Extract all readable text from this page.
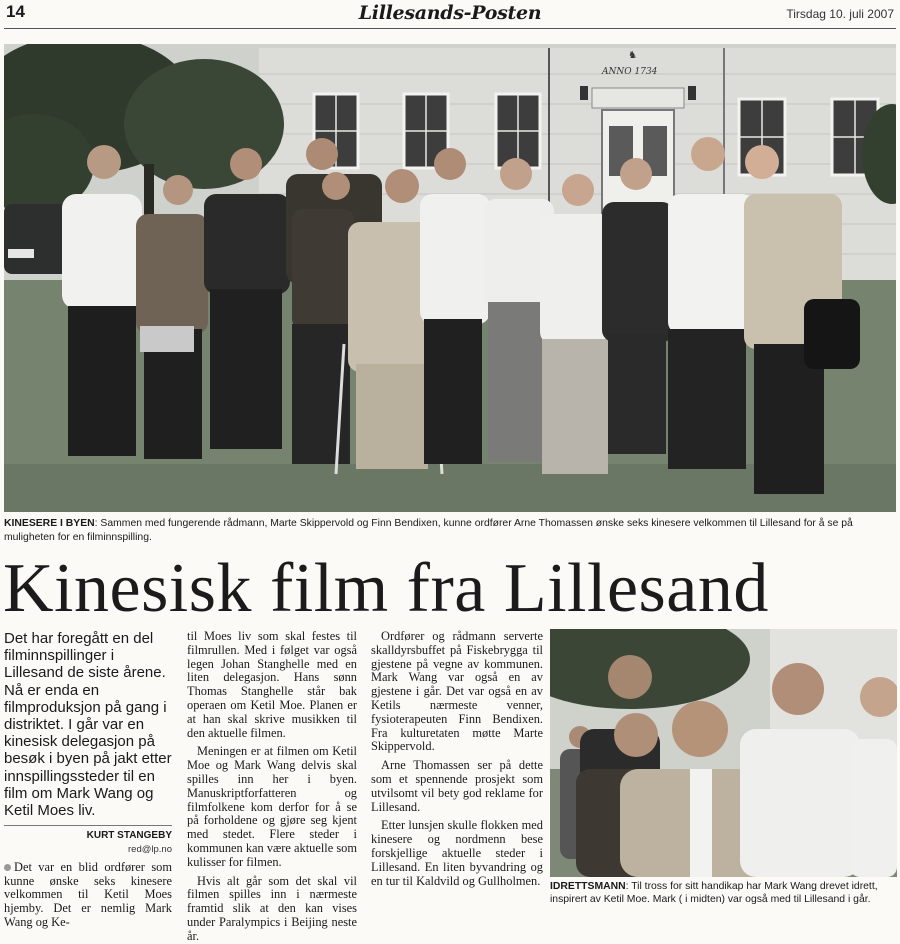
14	Lillesands-Posten	Tirsdag 10. juli 2007
ANNO 1734
♞
KINESERE I BYEN: Sammen med fungerende rådmann, Marte Skippervold og Finn Bendixen, kunne ordfører Arne Thomassen ønske seks kinesere velkommen til Lillesand for å se på muligheten for en filminnspilling.
Kinesisk film fra Lillesand

Det har foregått en del filminnspillinger i Lillesand de siste årene. Nå er enda en filmproduksjon på gang i distriktet. I går var en kinesisk delegasjon på besøk i byen på jakt etter innspillingssteder til en film om Mark Wang og Ketil Moes liv.

KURT STANGEBY
red@lp.no

Det var en blid ordfører som kunne ønske seks kinesere velkommen til Ketil Moes hjemby. Det er nemlig Mark Wang og Ke-

til Moes liv som skal festes til filmrullen. Med i følget var også legen Johan Stanghelle med en liten delegasjon. Hans sønn Thomas Stanghelle står bak operaen om Ketil Moe. Planen er at han skal skrive musikken til den aktuelle filmen.

Meningen er at filmen om Ketil Moe og Mark Wang delvis skal spilles inn her i byen. Manuskriptforfatteren og filmfolkene kom derfor for å se på forholdene og gjøre seg kjent med stedet. Flere steder i kommunen kan være aktuelle som kulisser for filmen.

Hvis alt går som det skal vil filmen spilles inn i nærmeste framtid slik at den kan vises under Paralympics i Beijing neste år.

Ordfører og rådmann serverte skalldyrsbuffet på Fiskebrygga til gjestene på vegne av kommunen. Mark Wang var også en av gjestene i går. Det var også en av Ketils nærmeste venner, fysioterapeuten Finn Bendixen. Fra kulturetaten møtte Marte Skippervold.

Arne Thomassen ser på dette som et spennende prosjekt som utvilsomt vil bety god reklame for Lillesand.

Etter lunsjen skulle flokken med kinesere og nordmenn bese forskjellige aktuelle steder i Lillesand. En liten byvandring og en tur til Kaldvild og Gullholmen. IDRETTSMANN: Til tross for sitt handikap har Mark Wang drevet idrett, inspirert av Ketil Moe. Mark ( i midten) var også med til Lillesand i går.
